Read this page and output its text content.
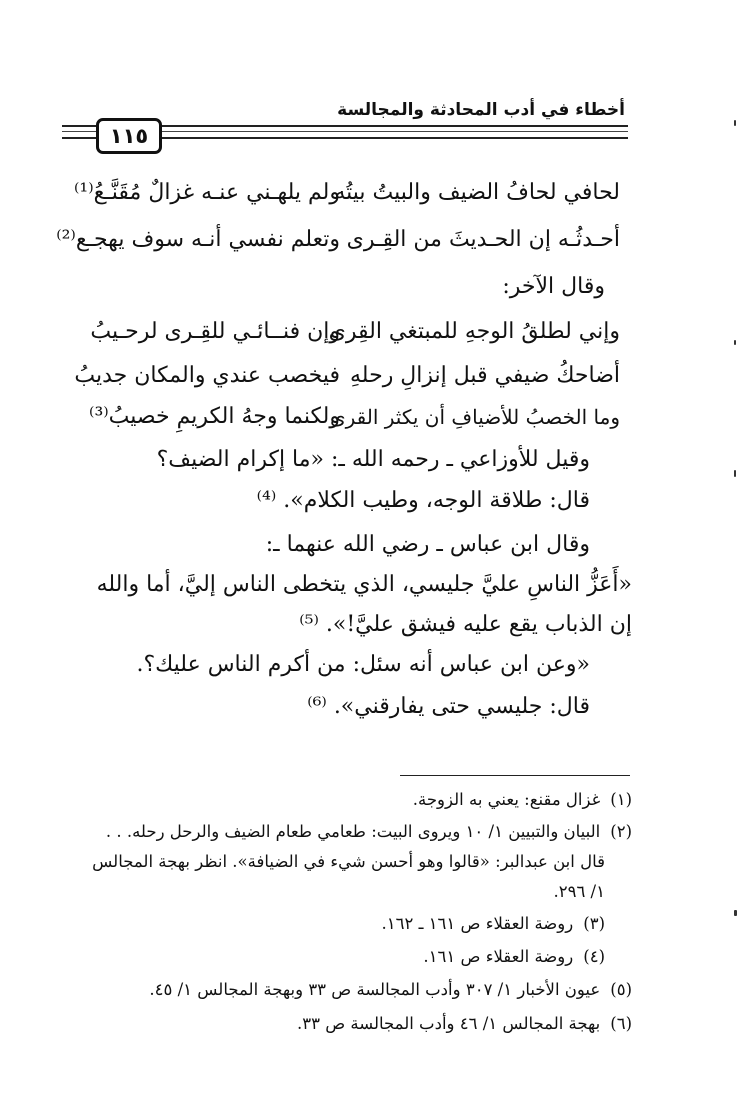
أخطاء في أدب المحادثة والمجالسة
١١٥
لحافي لحافُ الضيف والبيتُ بيتُه
ولم يلهـني عنـه غزالٌ مُقَنَّـعُ⁽¹⁾
أحـدثُـه إن الحـديثَ من القِـرى
وتعلم نفسي أنـه سوف يهجـع⁽²⁾
وقال الآخر:
وإني لطلقُ الوجهِ للمبتغي القِرى
وإن فنــائـي للقِـرى لرحـيبُ
أضاحكُ ضيفي قبل إنزالِ رحلهِ
فيخصب عندي والمكان جديبُ
وما الخصبُ للأضيافِ أن يكثر القرى
ولكنما وجهُ الكريمِ خصيبُ⁽³⁾
وقيل للأوزاعي ـ رحمه الله ـ: «ما إكرام الضيف؟
قال: طلاقة الوجه، وطيب الكلام». ⁽⁴⁾
وقال ابن عباس ـ رضي الله عنهما ـ:
«أَعَزُّ الناسِ عليَّ جليسي، الذي يتخطى الناس إليَّ، أما والله
إن الذباب يقع عليه فيشق عليَّ!». ⁽⁵⁾
«وعن ابن عباس أنه سئل: من أكرم الناس عليك؟.
قال: جليسي حتى يفارقني». ⁽⁶⁾
(١)غزال مقنع: يعني به الزوجة.
(٢)البيان والتبيين ١/ ١٠ ويروى البيت: طعامي طعام الضيف والرحل رحله. . .
قال ابن عبدالبر: «قالوا وهو أحسن شيء في الضيافة». انظر بهجة المجالس
١/ ٢٩٦.
(٣)روضة العقلاء ص ١٦١ ـ ١٦٢.
(٤)روضة العقلاء ص ١٦١.
(٥)عيون الأخبار ١/ ٣٠٧ وأدب المجالسة ص ٣٣ وبهجة المجالس ١/ ٤٥.
(٦)بهجة المجالس ١/ ٤٦ وأدب المجالسة ص ٣٣.
